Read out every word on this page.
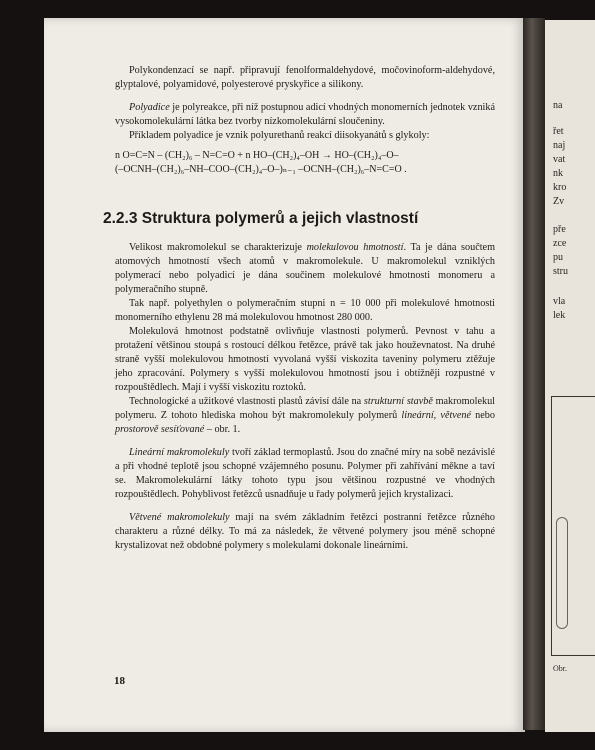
na
řet
naj
vat
nk
kro
Zv
pře
zce
pu
stru
vla
lek
Obr.

Polykondenzací se např. připravují fenolformaldehydové, močovinoform-aldehydové, glyptalové, polyamidové, polyesterové pryskyřice a silikony.

Polyadice je polyreakce, při níž postupnou adicí vhodných monomerních jednotek vzniká vysokomolekulární látka bez tvorby nízkomolekulární sloučeniny.

Příkladem polyadice je vznik polyurethanů reakcí diisokyanátů s glykoly:

n O=C=N – (CH₂)₆ – N=C=O + n HO–(CH₂)₄–OH → HO–(CH₂)₄–O–

(–OCNH–(CH₂)₆–NH–COO–(CH₂)₄–O–)ₙ₋₁ –OCNH–(CH₂)₆–N=C=O .

2.2.3 Struktura polymerů a jejich vlastností

Velikost makromolekul se charakterizuje molekulovou hmotností. Ta je dána součtem atomových hmotností všech atomů v makromolekule. U makromolekul vzniklých polymerací nebo polyadicí je dána součinem molekulové hmotnosti monomeru a polymeračního stupně.

Tak např. polyethylen o polymeračním stupni n = 10 000 při molekulové hmotnosti monomerního ethylenu 28 má molekulovou hmotnost 280 000.

Molekulová hmotnost podstatně ovlivňuje vlastnosti polymerů. Pevnost v tahu a protažení většinou stoupá s rostoucí délkou řetězce, právě tak jako houževnatost. Na druhé straně vyšší molekulovou hmotností vyvolaná vyšší viskozita taveniny polymeru ztěžuje jeho zpracování. Polymery s vyšší molekulovou hmotností jsou i obtížněji rozpustné v rozpouštědlech. Mají i vyšší viskozitu roztoků.

Technologické a užitkové vlastnosti plastů závisí dále na strukturní stavbě makromolekul polymeru. Z tohoto hlediska mohou být makromolekuly polymerů lineární, větvené nebo prostorově sesíťované – obr. 1.

Lineární makromolekuly tvoří základ termoplastů. Jsou do značné míry na sobě nezávislé a při vhodné teplotě jsou schopné vzájemného posunu. Polymer při zahřívání měkne a taví se. Makromolekulární látky tohoto typu jsou většinou rozpustné ve vhodných rozpouštědlech. Pohyblivost řetězců usnadňuje u řady polymerů jejich krystalizaci.

Větvené makromolekuly mají na svém základním řetězci postranní řetězce různého charakteru a různé délky. To má za následek, že větvené polymery jsou méně schopné krystalizovat než obdobné polymery s molekulami dokonale lineárními.

18
